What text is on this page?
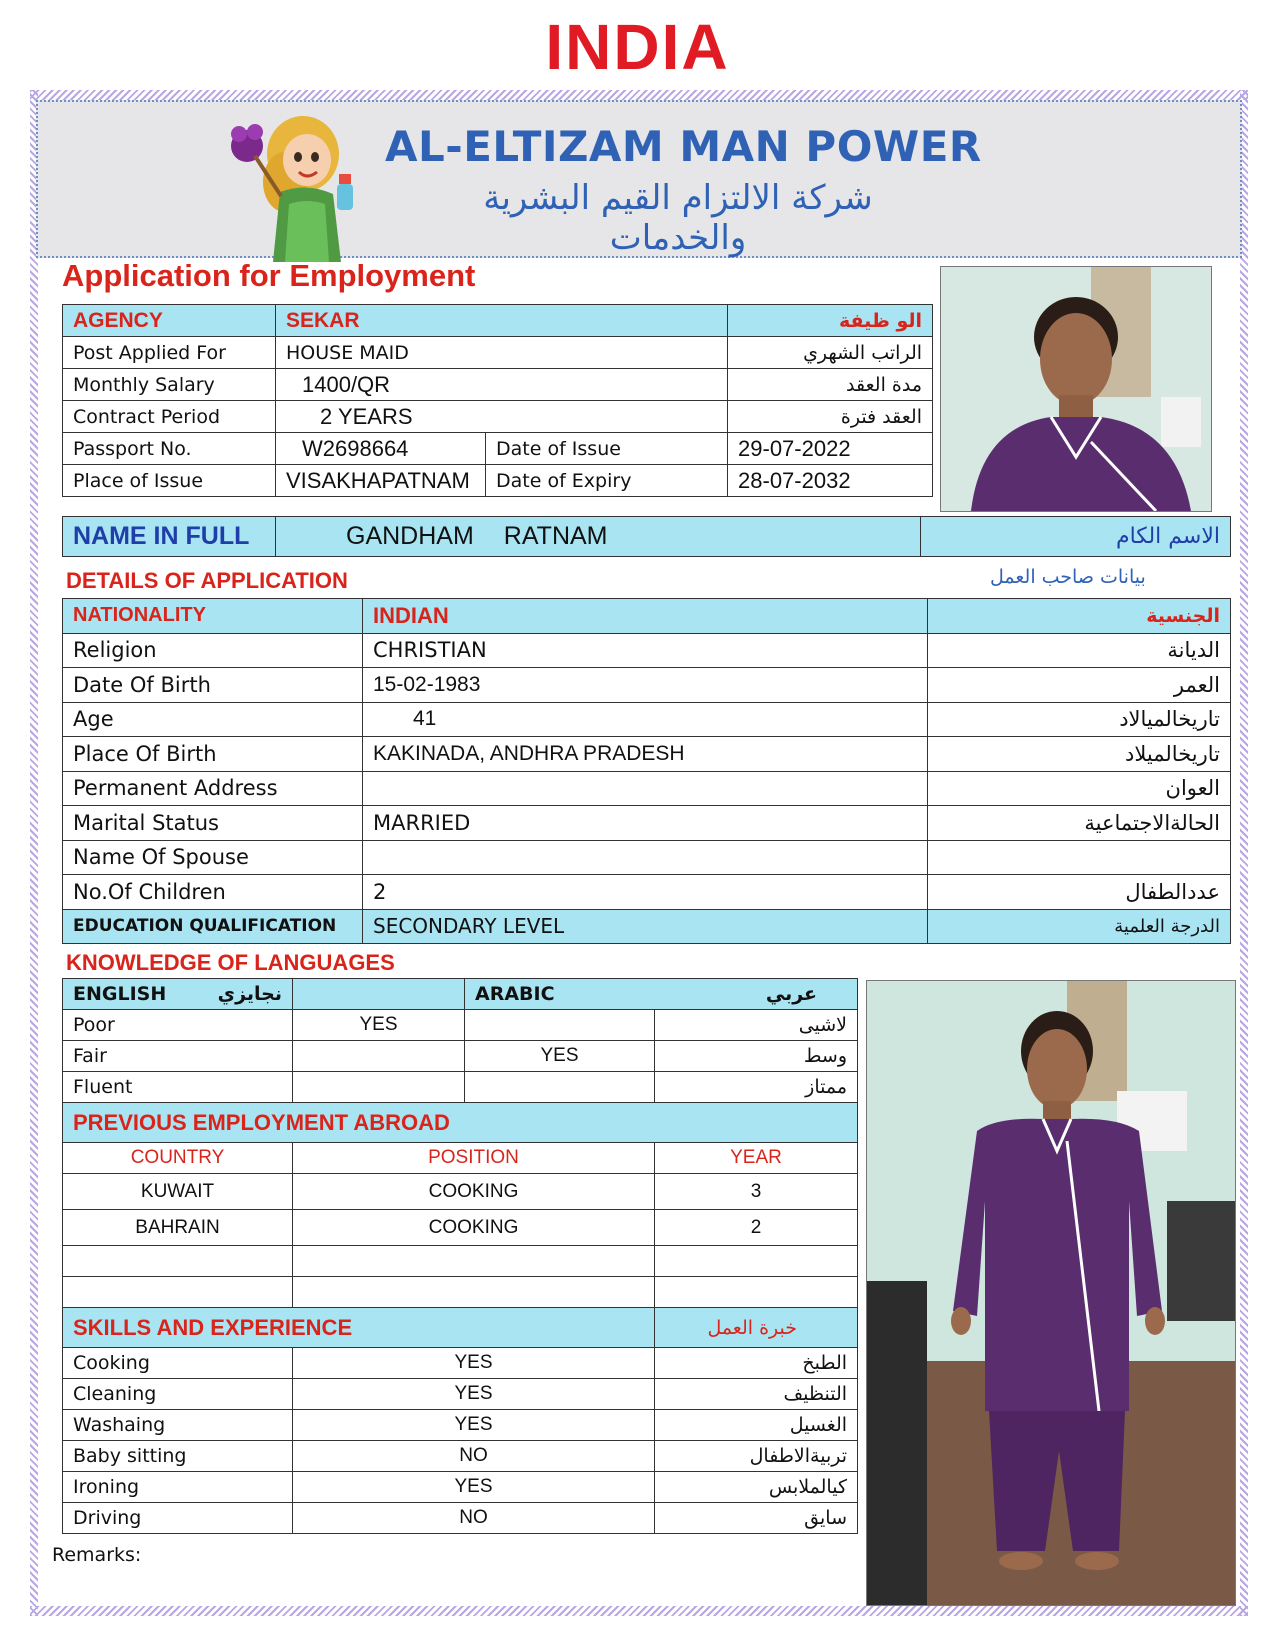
INDIA
AL-ELTIZAM MAN POWER
شركة الالتزام القيم البشرية والخدمات
Application for Employment
AGENCY	SEKAR		الو ظيفة
Post Applied For	HOUSE MAID		الراتب الشهري
Monthly Salary	1400/QR		مدة العقد
Contract Period	2 YEARS		العقد فترة
Passport No.	W2698664	Date of Issue	29-07-2022
Place of Issue	VISAKHAPATNAM	Date of Expiry	28-07-2032
NAME IN FULL	GANDHAM RATNAM	الاسم الكام
DETAILS OF APPLICATION	بيانات صاحب العمل
NATIONALITY	INDIAN	الجنسية
Religion	CHRISTIAN	الديانة
Date Of Birth	15-02-1983	العمر
Age	41	تاريخالميالاد
Place Of Birth	KAKINADA, ANDHRA PRADESH	تاريخالميلاد
Permanent Address		العوان
Marital Status	MARRIED	الحالةالاجتماعية
Name Of Spouse		
No.Of Children	2	عددالطفال
EDUCATION QUALIFICATION	SECONDARY LEVEL	الدرجة العلمية
KNOWLEDGE OF LANGUAGES
ENGLISH نجايزي		ARABIC عربي	

Poor	YES		لاشيى
Fair		YES	وسط
Fluent			ممتاز
PREVIOUS EMPLOYMENT ABROAD			
COUNTRY	POSITION		YEAR
KUWAIT	COOKING		3
BAHRAIN	COOKING		2

SKILLS AND EXPERIENCE			خبرة العمل
Cooking	YES		الطبخ
Cleaning	YES		التنظيف
Washaing	YES		الغسيل
Baby sitting	NO		تربيةالاطفال
Ironing	YES		كيالملابس
Driving	NO		سايق
Remarks:
